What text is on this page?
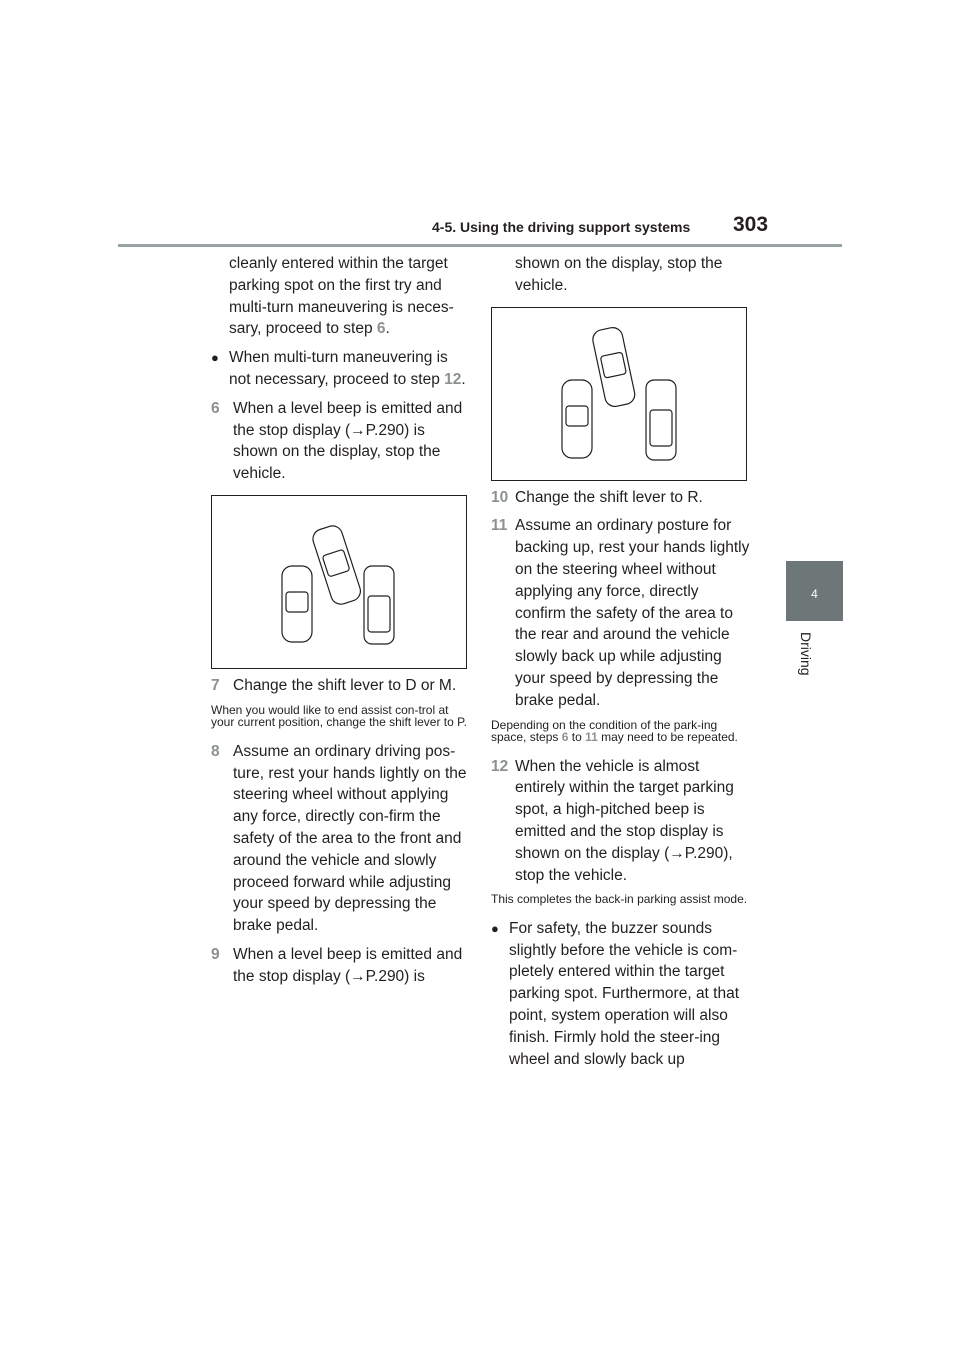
4-5. Using the driving support systems 303
4
Driving

cleanly entered within the target parking spot on the first try and multi-turn maneuvering is neces-sary, proceed to step 6.

● When multi-turn maneuvering is not necessary, proceed to step 12.
6 When a level beep is emitted and the stop display (→P.290) is shown on the display, stop the vehicle.
7 Change the shift lever to D or M.

When you would like to end assist con-trol at your current position, change the shift lever to P.

8 Assume an ordinary driving pos-ture, rest your hands lightly on the steering wheel without applying any force, directly con-firm the safety of the area to the front and around the vehicle and slowly proceed forward while adjusting your speed by depressing the brake pedal.
9 When a level beep is emitted and the stop display (→P.290) is

shown on the display, stop the vehicle.

10 Change the shift lever to R.
11 Assume an ordinary posture for backing up, rest your hands lightly on the steering wheel without applying any force, directly confirm the safety of the area to the rear and around the vehicle slowly back up while adjusting your speed by depressing the brake pedal.

Depending on the condition of the park-ing space, steps 6 to 11 may need to be repeated.

12 When the vehicle is almost entirely within the target parking spot, a high-pitched beep is emitted and the stop display is shown on the display (→P.290), stop the vehicle.

This completes the back-in parking assist mode.

● For safety, the buzzer sounds slightly before the vehicle is com-pletely entered within the target parking spot. Furthermore, at that point, system operation will also finish. Firmly hold the steer-ing wheel and slowly back up
